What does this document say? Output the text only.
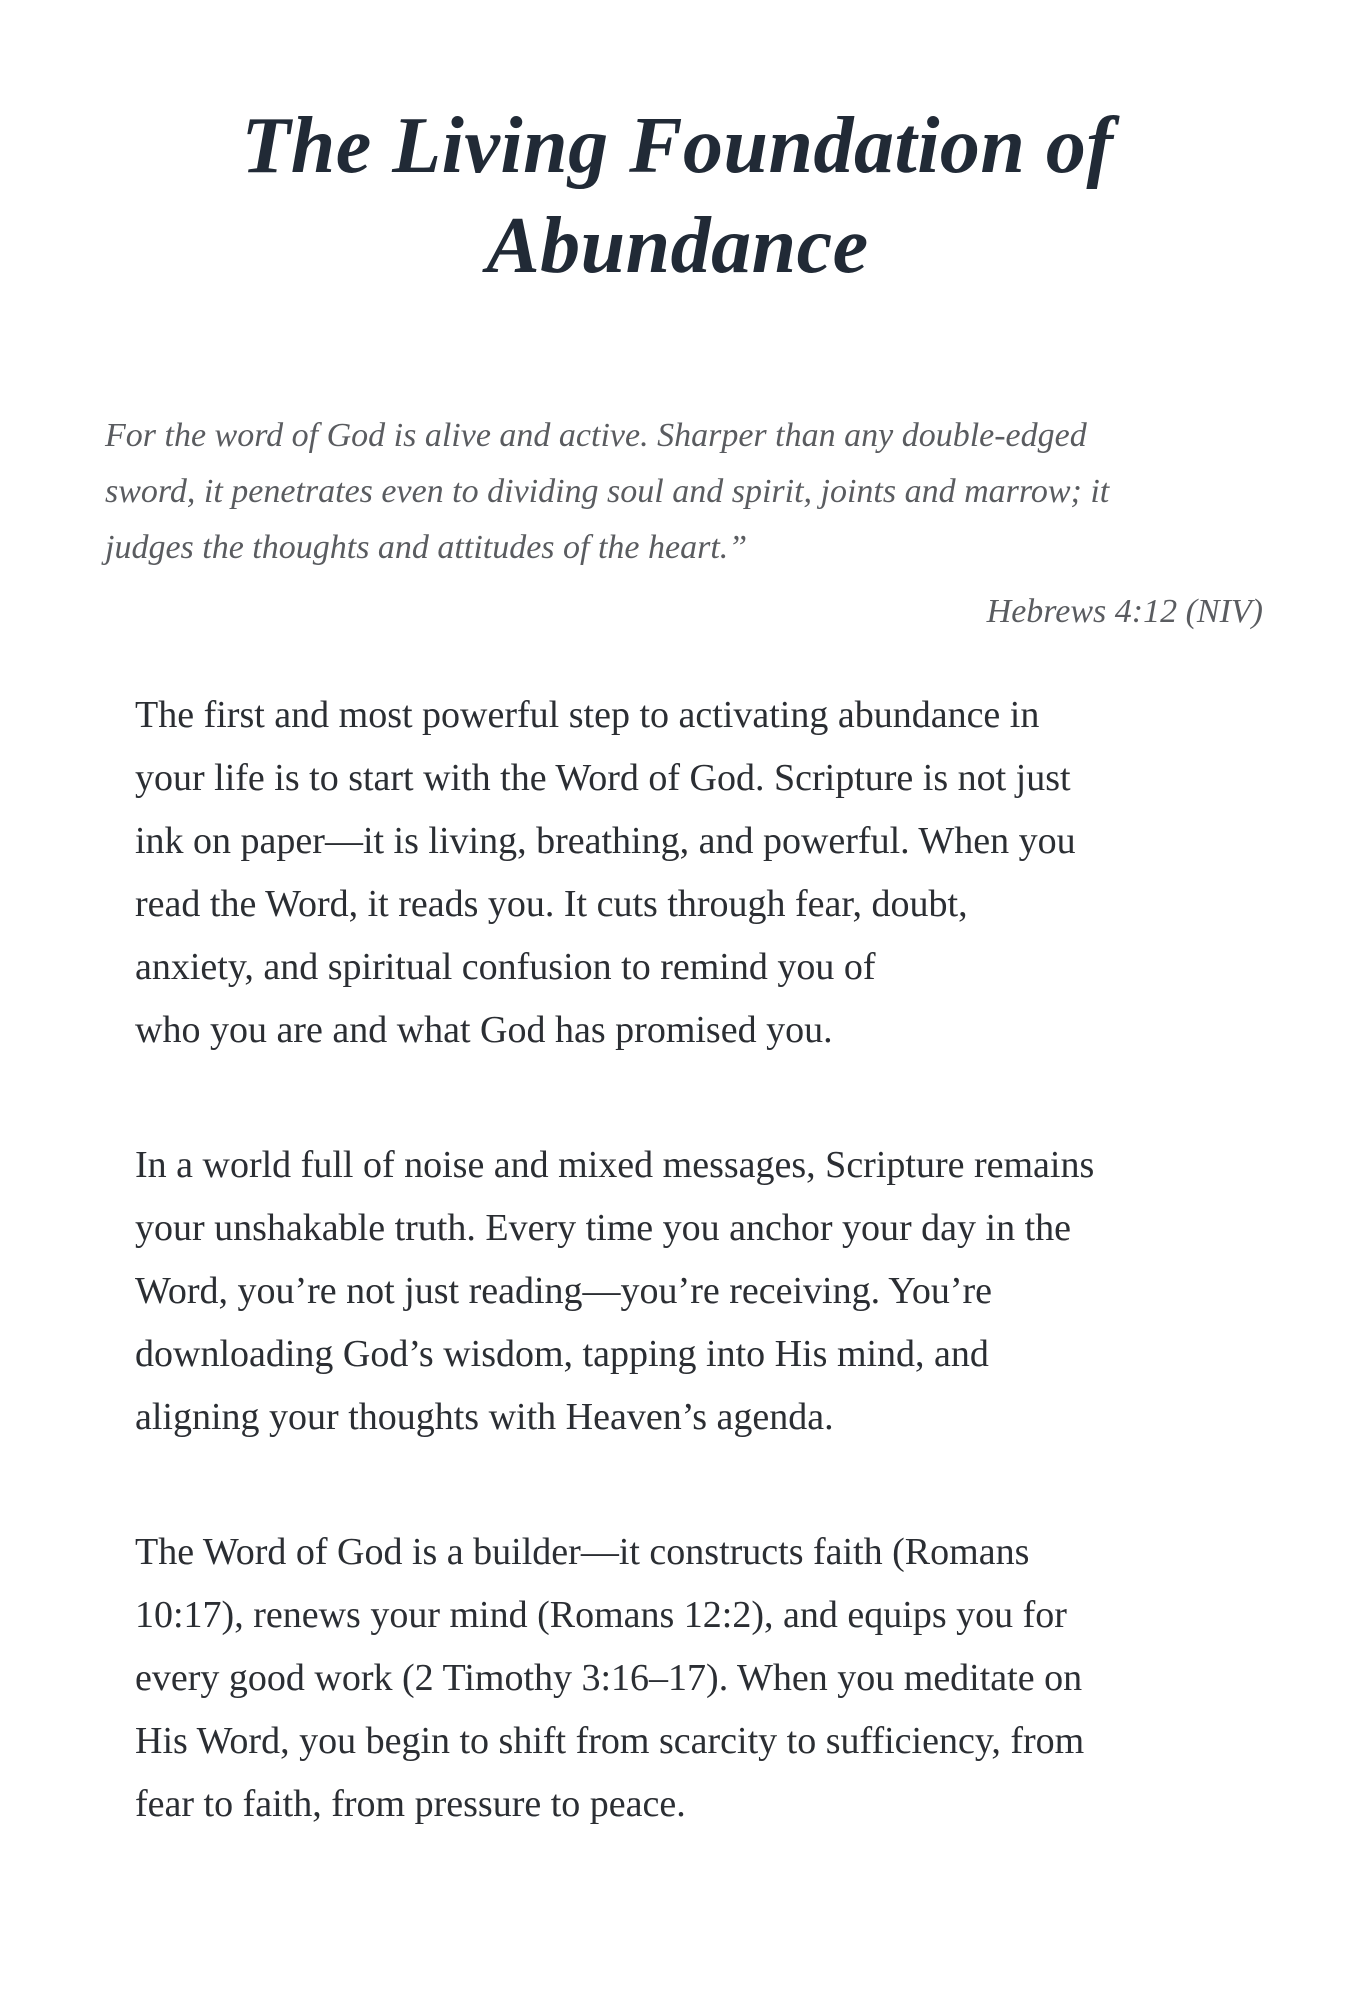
The Living Foundation of
Abundance
For the word of God is alive and active. Sharper than any double-edged
sword, it penetrates even to dividing soul and spirit, joints and marrow; it
judges the thoughts and attitudes of the heart.”
Hebrews 4:12 (NIV)

The first and most powerful step to activating abundance in
your life is to start with the Word of God. Scripture is not just
ink on paper—it is living, breathing, and powerful. When you
read the Word, it reads you. It cuts through fear, doubt,
anxiety, and spiritual confusion to remind you of
who you are and what God has promised you.

In a world full of noise and mixed messages, Scripture remains
your unshakable truth. Every time you anchor your day in the
Word, you’re not just reading—you’re receiving. You’re
downloading God’s wisdom, tapping into His mind, and
aligning your thoughts with Heaven’s agenda.

The Word of God is a builder—it constructs faith (Romans
10:17), renews your mind (Romans 12:2), and equips you for
every good work (2 Timothy 3:16–17). When you meditate on
His Word, you begin to shift from scarcity to sufficiency, from
fear to faith, from pressure to peace.
